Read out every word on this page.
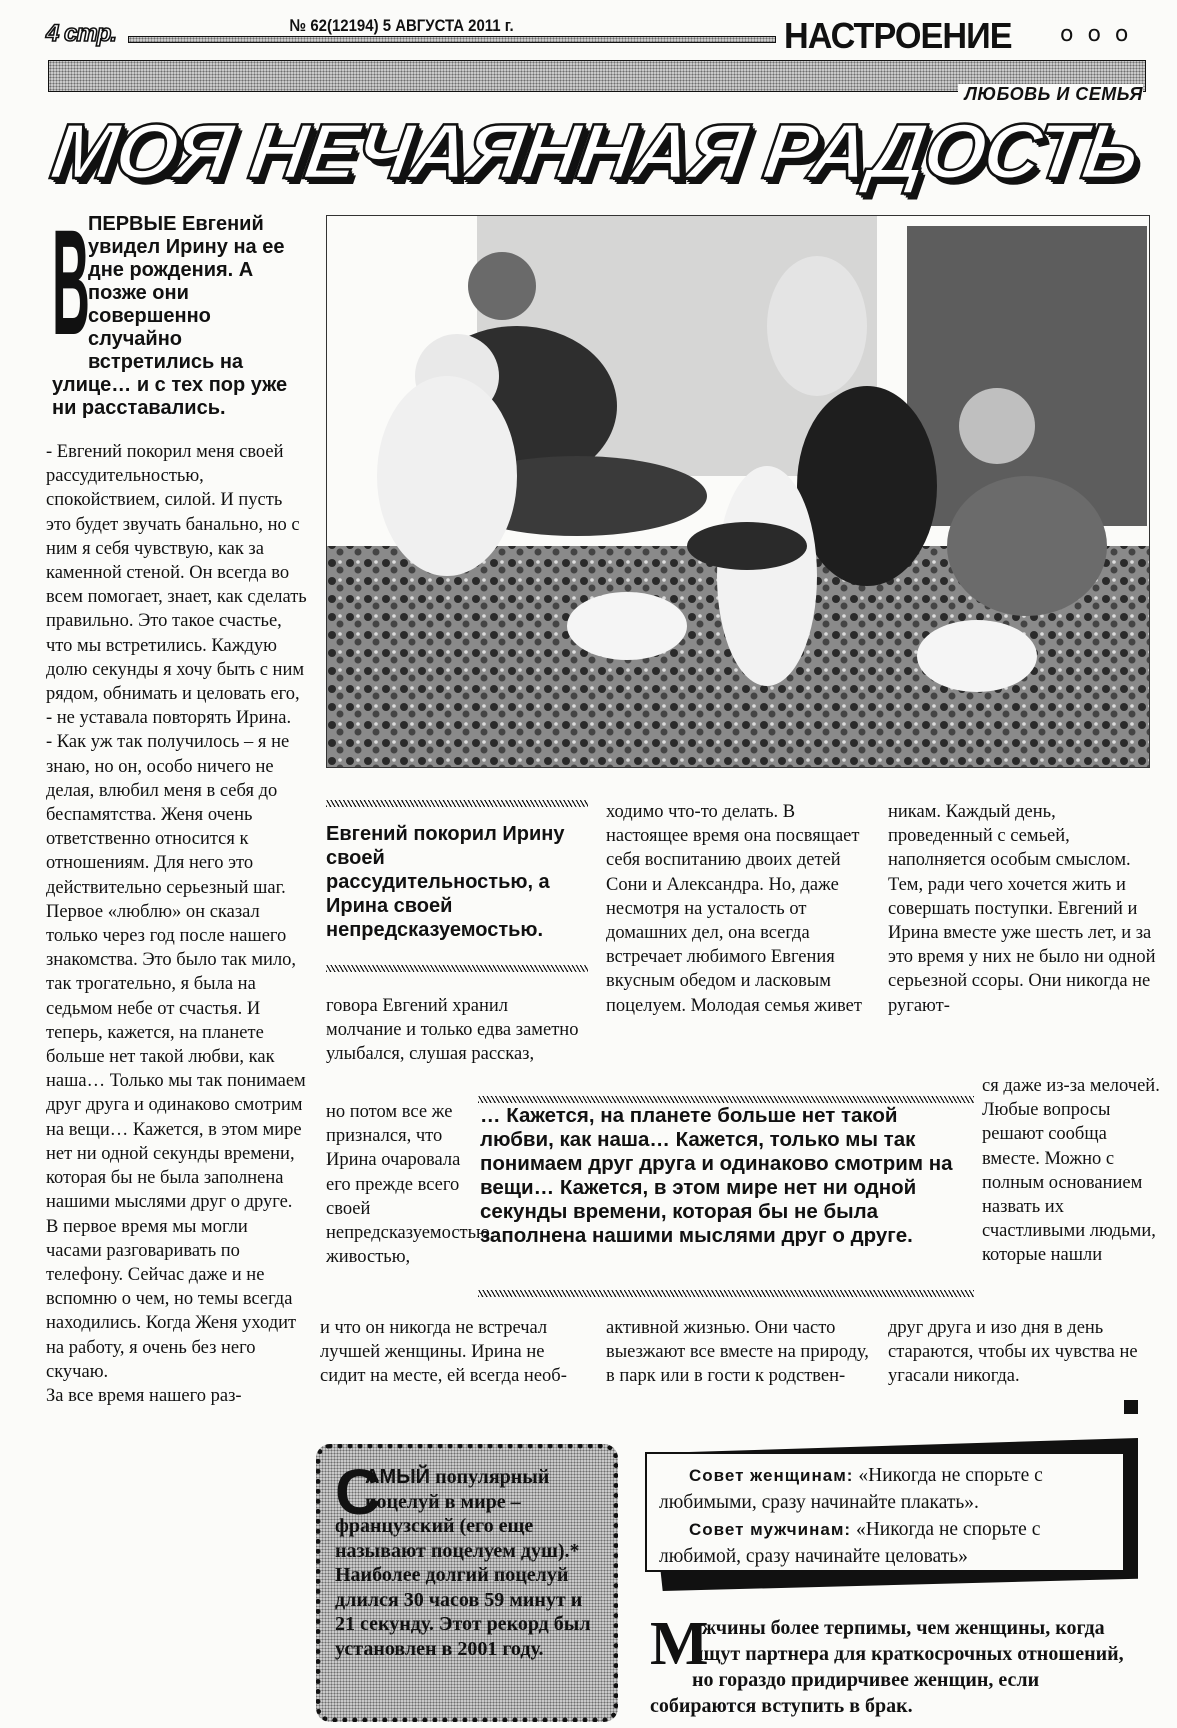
4 стр.	№ 62(12194) 5 АВГУСТА 2011 г.	НАСТРОЕНИЕ ooo
ЛЮБОВЬ И СЕМЬЯ
МОЯ НЕЧАЯННАЯ РАДОСТЬ
В
ПЕРВЫЕ Евгений увидел Ирину на ее дне рождения. А позже они совершенно случайно встретились на улице… и с тех пор уже ни расставались.

- Евгений покорил меня своей рассудительностью, спокойствием, силой. И пусть это будет звучать банально, но с ним я себя чувствую, как за каменной стеной. Он всегда во всем помогает, знает, как сделать правильно. Это такое счастье, что мы встретились. Каждую долю секунды я хочу быть с ним рядом, обнимать и целовать его, - не уставала повторять Ирина.

- Как уж так получилось – я не знаю, но он, особо ничего не делая, влюбил меня в себя до беспамятства. Женя очень ответственно относится к отношениям. Для него это действительно серьезный шаг. Первое «люблю» он сказал только через год после нашего знакомства. Это было так мило, так трогательно, я была на седьмом небе от счастья. И теперь, кажется, на планете больше нет такой любви, как наша… Только мы так понимаем друг друга и одинаково смотрим на вещи… Кажется, в этом мире нет ни одной секунды времени, которая бы не была заполнена нашими мыслями друг о друге.

В первое время мы могли часами разговаривать по телефону. Сейчас даже и не вспомню о чем, но темы всегда находились. Когда Женя уходит на работу, я очень без него скучаю.

За все время нашего раз-

Евгений покорил Ирину своей рассудительностью, а Ирина своей непредсказуемостью.
говора Евгений хранил молчание и только едва заметно улыбался, слушая рассказ,
но потом все же признался, что Ирина очаровала его прежде всего своей непредсказуемостью, живостью,
и что он никогда не встречал лучшей женщины. Ирина не сидит на месте, ей всегда необ-
ходимо что-то делать. В настоящее время она посвящает себя воспитанию двоих детей Сони и Александра. Но, даже несмотря на усталость от домашних дел, она всегда встречает любимого Евгения вкусным обедом и ласковым поцелуем. Молодая семья живет
активной жизнью. Они часто выезжают все вместе на природу, в парк или в гости к родствен-
никам. Каждый день, проведенный с семьей, наполняется особым смыслом. Тем, ради чего хочется жить и совершать поступки. Евгений и Ирина вместе уже шесть лет, и за это время у них не было ни одной серьезной ссоры. Они никогда не ругают-
ся даже из-за мелочей. Любые вопросы решают сообща вместе. Можно с полным основанием назвать их счастливыми людьми, которые нашли
друг друга и изо дня в день стараются, чтобы их чувства не угасали никогда.
… Кажется, на планете больше нет такой любви, как наша… Кажется, только мы так понимаем друг друга и одинаково смотрим на вещи… Кажется, в этом мире нет ни одной секунды времени, которая бы не была заполнена нашими мыслями друг о друге.
С
АМЫЙ популярный поцелуй в мире – французский (его еще называют поцелуем душ).* Наиболее долгий поцелуй длился 30 часов 59 минут и 21 секунду. Этот рекорд был установлен в 2001 году.
Совет женщинам: «Никогда не спорьте с любимыми, сразу начинайте плакать».
Совет мужчинам: «Никогда не спорьте с любимой, сразу начинайте целовать»
М
ужчины более терпимы, чем женщины, когда ищут партнера для краткосрочных отношений, но гораздо придирчивее женщин, если собираются вступить в брак.
